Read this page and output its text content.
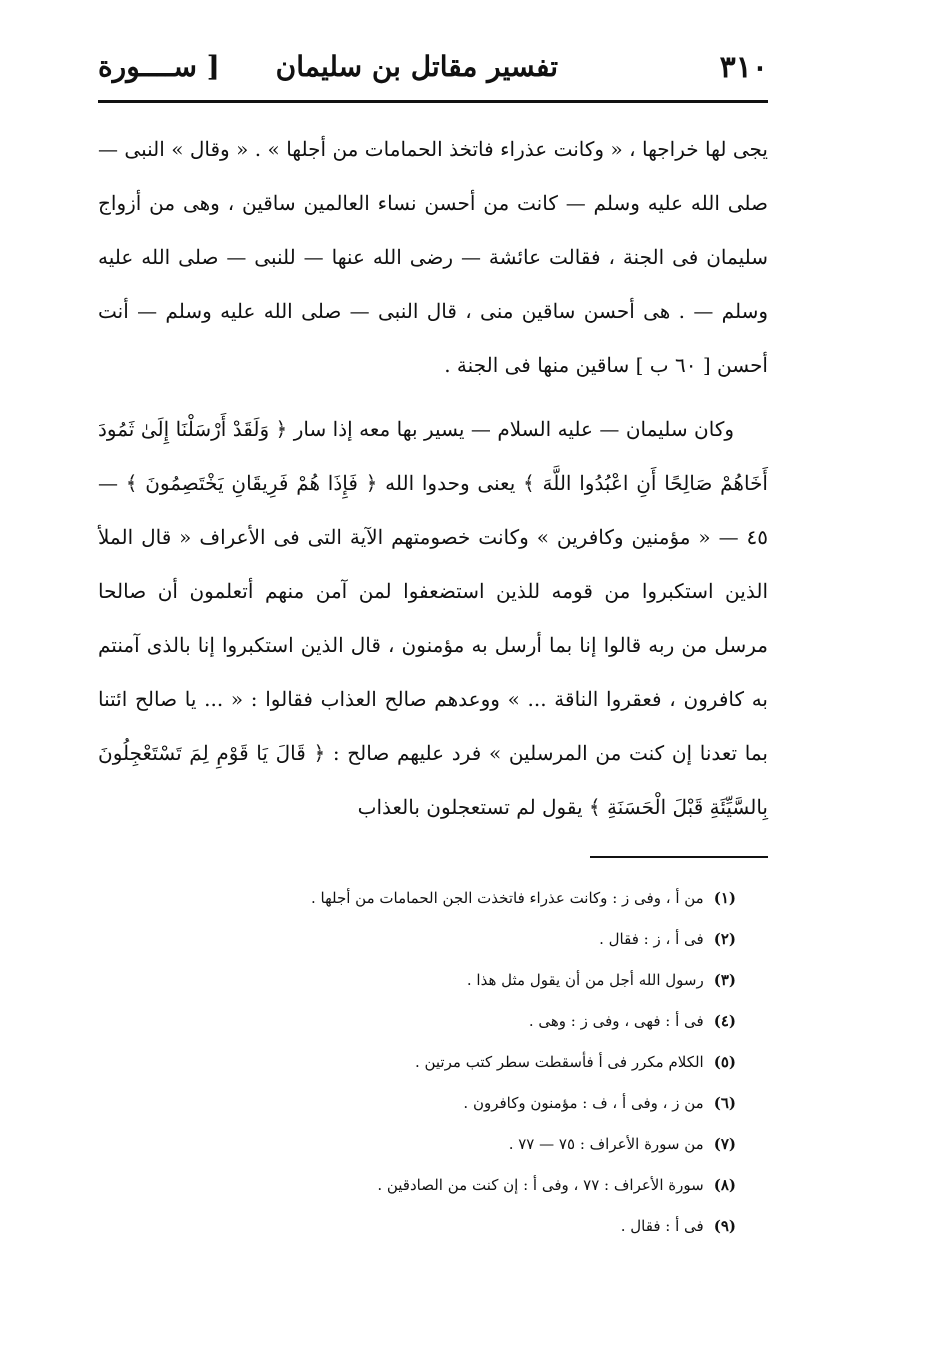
٣١٠
تفسير مقاتل بن سليمان
[ ســــورة

يجى لها خراجها ، « وكانت عذراء فاتخذ الحمامات من أجلها » . « وقال » النبى — صلى الله عليه وسلم — كانت من أحسن نساء العالمين ساقين ، وهى من أزواج سليمان فى الجنة ، فقالت عائشة — رضى الله عنها — للنبى — صلى الله عليه وسلم — . هى أحسن ساقين منى ، قال النبى — صلى الله عليه وسلم — أنت أحسن [ ٦٠ ب ] ساقين منها فى الجنة .

وكان سليمان — عليه السلام — يسير بها معه إذا سار ﴿ وَلَقَدْ أَرْسَلْنَا إِلَىٰ ثَمُودَ أَخَاهُمْ صَالِحًا أَنِ اعْبُدُوا اللَّهَ ﴾ يعنى وحدوا الله ﴿ فَإِذَا هُمْ فَرِيقَانِ يَخْتَصِمُونَ ﴾ — ٤٥ — « مؤمنين وكافرين » وكانت خصومتهم الآية التى فى الأعراف « قال الملأ الذين استكبروا من قومه للذين استضعفوا لمن آمن منهم أتعلمون أن صالحا مرسل من ربه قالوا إنا بما أرسل به مؤمنون ، قال الذين استكبروا إنا بالذى آمنتم به كافرون ، فعقروا الناقة ... » ووعدهم صالح العذاب فقالوا : « ... يا صالح ائتنا بما تعدنا إن كنت من المرسلين » فرد عليهم صالح : ﴿ قَالَ يَا قَوْمِ لِمَ تَسْتَعْجِلُونَ بِالسَّيِّئَةِ قَبْلَ الْحَسَنَةِ ﴾ يقول لم تستعجلون بالعذاب

(١)من أ ، وفى ز : وكانت عذراء فاتخذت الجن الحمامات من أجلها .
(٢)فى أ ، ز : فقال .
(٣)رسول الله أجل من أن يقول مثل هذا .
(٤)فى أ : فهى ، وفى ز : وهى .
(٥)الكلام مكرر فى أ فأسقطت سطر كتب مرتين .
(٦)من ز ، وفى أ ، ف : مؤمنون وكافرون .
(٧)من سورة الأعراف : ٧٥ — ٧٧ .
(٨)سورة الأعراف : ٧٧ ، وفى أ : إن كنت من الصادقين .
(٩)فى أ : فقال .
